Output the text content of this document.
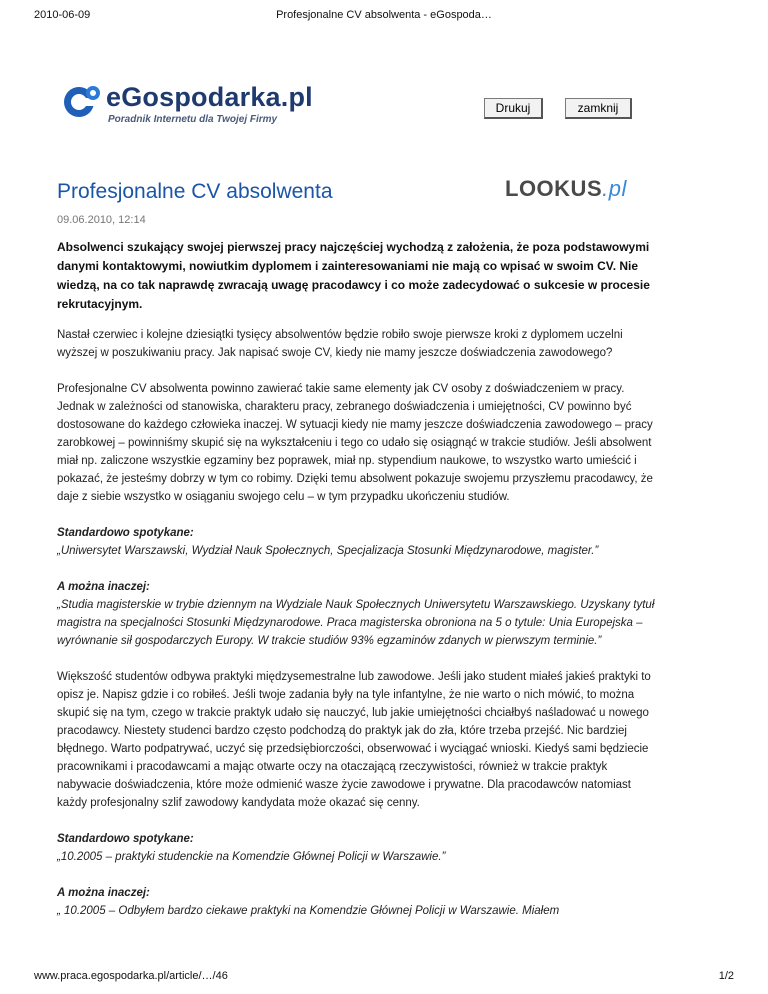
2010-06-09	Profesjonalne CV absolwenta - eGospoda…
eGospodarka.pl
Poradnik Internetu dla Twojej Firmy
Drukuj	zamknij
Profesjonalne CV absolwenta	LOOKUS.pl
09.06.2010, 12:14

Absolwenci szukający swojej pierwszej pracy najczęściej wychodzą z założenia, że poza podstawowymi danymi kontaktowymi, nowiutkim dyplomem i zainteresowaniami nie mają co wpisać w swoim CV. Nie wiedzą, na co tak naprawdę zwracają uwagę pracodawcy i co może zadecydować o sukcesie w procesie rekrutacyjnym.

Nastał czerwiec i kolejne dziesiątki tysięcy absolwentów będzie robiło swoje pierwsze kroki z dyplomem uczelni wyższej w poszukiwaniu pracy. Jak napisać swoje CV, kiedy nie mamy jeszcze doświadczenia zawodowego?

Profesjonalne CV absolwenta powinno zawierać takie same elementy jak CV osoby z doświadczeniem w pracy. Jednak w zależności od stanowiska, charakteru pracy, zebranego doświadczenia i umiejętności, CV powinno być dostosowane do każdego człowieka inaczej. W sytuacji kiedy nie mamy jeszcze doświadczenia zawodowego – pracy zarobkowej – powinniśmy skupić się na wykształceniu i tego co udało się osiągnąć w trakcie studiów. Jeśli absolwent miał np. zaliczone wszystkie egzaminy bez poprawek, miał np. stypendium naukowe, to wszystko warto umieścić i pokazać, że jesteśmy dobrzy w tym co robimy. Dzięki temu absolwent pokazuje swojemu przyszłemu pracodawcy, że daje z siebie wszystko w osiąganiu swojego celu – w tym przypadku ukończeniu studiów.

Standardowo spotykane:

„Uniwersytet Warszawski, Wydział Nauk Społecznych, Specjalizacja Stosunki Międzynarodowe, magister.”

A można inaczej:

„Studia magisterskie w trybie dziennym na Wydziale Nauk Społecznych Uniwersytetu Warszawskiego. Uzyskany tytuł magistra na specjalności Stosunki Międzynarodowe. Praca magisterska obroniona na 5 o tytule: Unia Europejska – wyrównanie sił gospodarczych Europy. W trakcie studiów 93% egzaminów zdanych w pierwszym terminie.”

Większość studentów odbywa praktyki międzysemestralne lub zawodowe. Jeśli jako student miałeś jakieś praktyki to opisz je. Napisz gdzie i co robiłeś. Jeśli twoje zadania były na tyle infantylne, że nie warto o nich mówić, to można skupić się na tym, czego w trakcie praktyk udało się nauczyć, lub jakie umiejętności chciałbyś naśladować u nowego pracodawcy. Niestety studenci bardzo często podchodzą do praktyk jak do zła, które trzeba przejść. Nic bardziej błędnego. Warto podpatrywać, uczyć się przedsiębiorczości, obserwować i wyciągać wnioski. Kiedyś sami będziecie pracownikami i pracodawcami a mając otwarte oczy na otaczającą rzeczywistości, również w trakcie praktyk nabywacie doświadczenia, które może odmienić wasze życie zawodowe i prywatne. Dla pracodawców natomiast każdy profesjonalny szlif zawodowy kandydata może okazać się cenny.

Standardowo spotykane:

„10.2005 – praktyki studenckie na Komendzie Głównej Policji w Warszawie.”

A można inaczej:

„ 10.2005 – Odbyłem bardzo ciekawe praktyki na Komendzie Głównej Policji w Warszawie. Miałem

www.praca.egospodarka.pl/article/…/46	1/2
